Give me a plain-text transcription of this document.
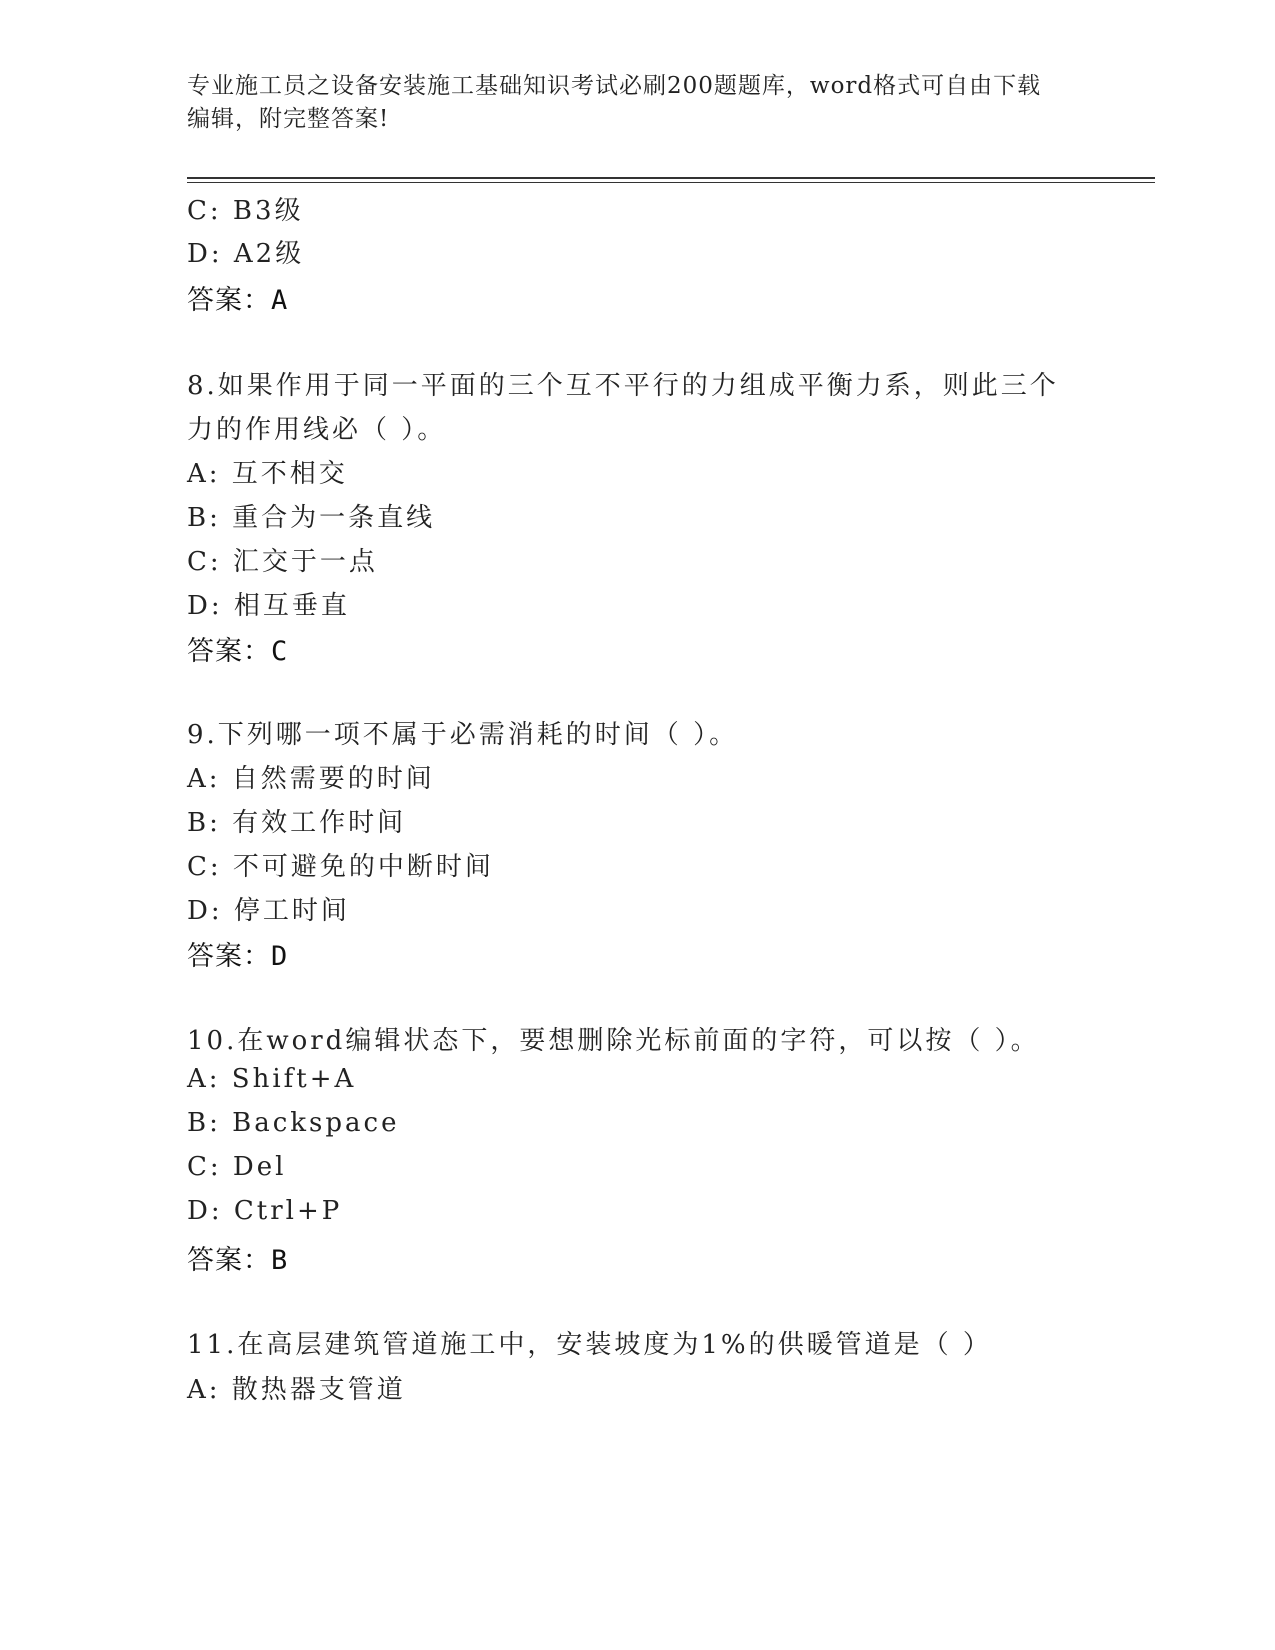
专业施工员之设备安装施工基础知识考试必刷200题题库，word格式可自由下载
编辑，附完整答案!
C: B3级
D: A2级
答案：A
8.如果作用于同一平面的三个互不平行的力组成平衡力系，则此三个
力的作用线必（ ）。
A: 互不相交
B: 重合为一条直线
C: 汇交于一点
D: 相互垂直
答案：C
9.下列哪一项不属于必需消耗的时间（ ）。
A: 自然需要的时间
B: 有效工作时间
C: 不可避免的中断时间
D: 停工时间
答案：D
10.在word编辑状态下，要想删除光标前面的字符，可以按（ ）。
A: Shift+A
B: Backspace
C: Del
D: Ctrl+P
答案：B
11.在高层建筑管道施工中，安装坡度为1%的供暖管道是（ ）
A: 散热器支管道
